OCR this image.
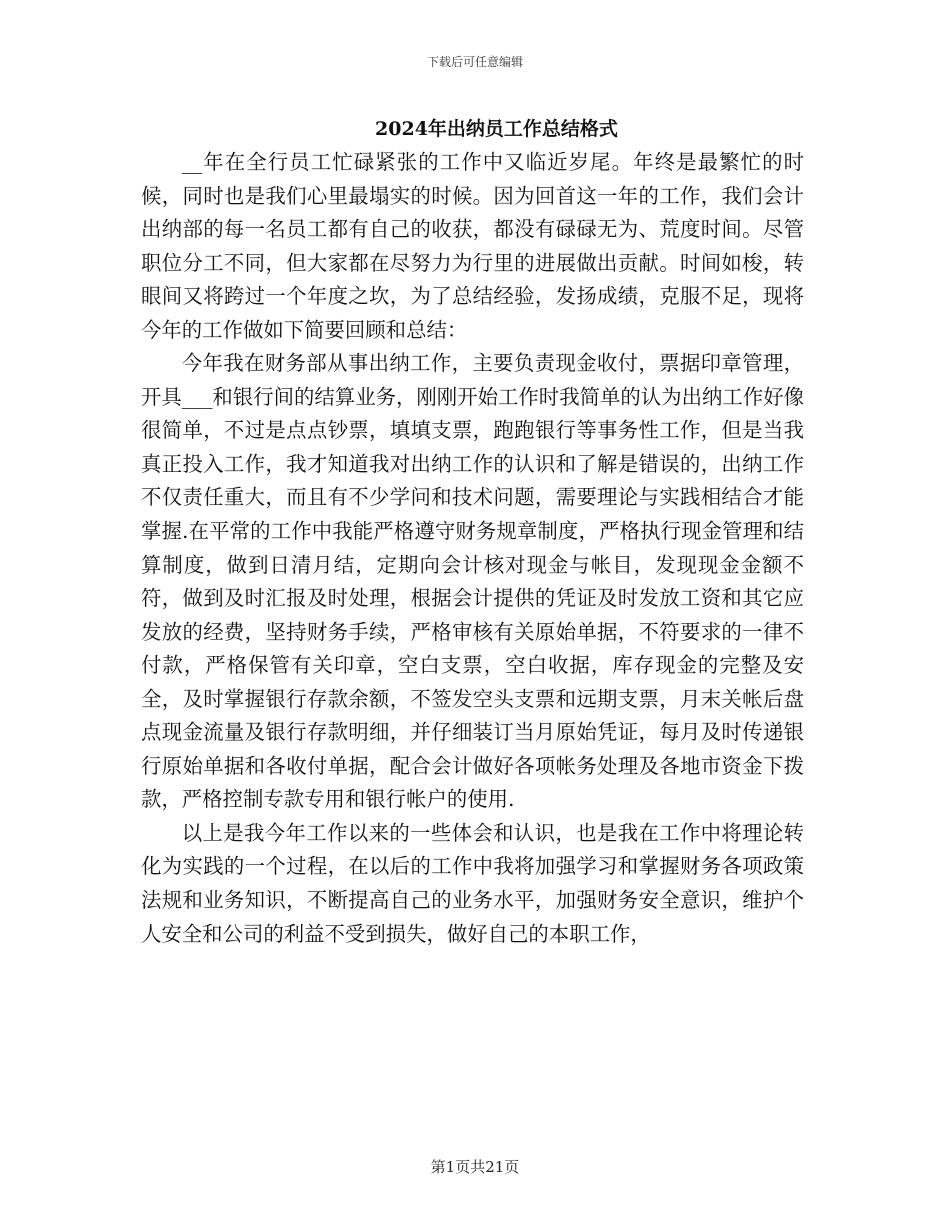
下载后可任意编辑
2024年出纳员工作总结格式

__年在全行员工忙碌紧张的工作中又临近岁尾。年终是最繁忙的时候，同时也是我们心里最塌实的时候。因为回首这一年的工作，我们会计出纳部的每一名员工都有自己的收获，都没有碌碌无为、荒度时间。尽管职位分工不同，但大家都在尽努力为行里的进展做出贡献。时间如梭，转眼间又将跨过一个年度之坎，为了总结经验，发扬成绩，克服不足，现将今年的工作做如下简要回顾和总结：

今年我在财务部从事出纳工作，主要负责现金收付，票据印章管理，开具___和银行间的结算业务，刚刚开始工作时我简单的认为出纳工作好像很简单，不过是点点钞票，填填支票，跑跑银行等事务性工作，但是当我真正投入工作，我才知道我对出纳工作的认识和了解是错误的，出纳工作不仅责任重大，而且有不少学问和技术问题，需要理论与实践相结合才能掌握.在平常的工作中我能严格遵守财务规章制度，严格执行现金管理和结算制度，做到日清月结，定期向会计核对现金与帐目，发现现金金额不符，做到及时汇报及时处理，根据会计提供的凭证及时发放工资和其它应发放的经费，坚持财务手续，严格审核有关原始单据，不符要求的一律不付款，严格保管有关印章，空白支票，空白收据，库存现金的完整及安全，及时掌握银行存款余额，不签发空头支票和远期支票，月末关帐后盘点现金流量及银行存款明细，并仔细装订当月原始凭证，每月及时传递银行原始单据和各收付单据，配合会计做好各项帐务处理及各地市资金下拨款，严格控制专款专用和银行帐户的使用.

以上是我今年工作以来的一些体会和认识，也是我在工作中将理论转化为实践的一个过程，在以后的工作中我将加强学习和掌握财务各项政策法规和业务知识，不断提高自己的业务水平，加强财务安全意识，维护个人安全和公司的利益不受到损失，做好自己的本职工作，

第1页共21页
